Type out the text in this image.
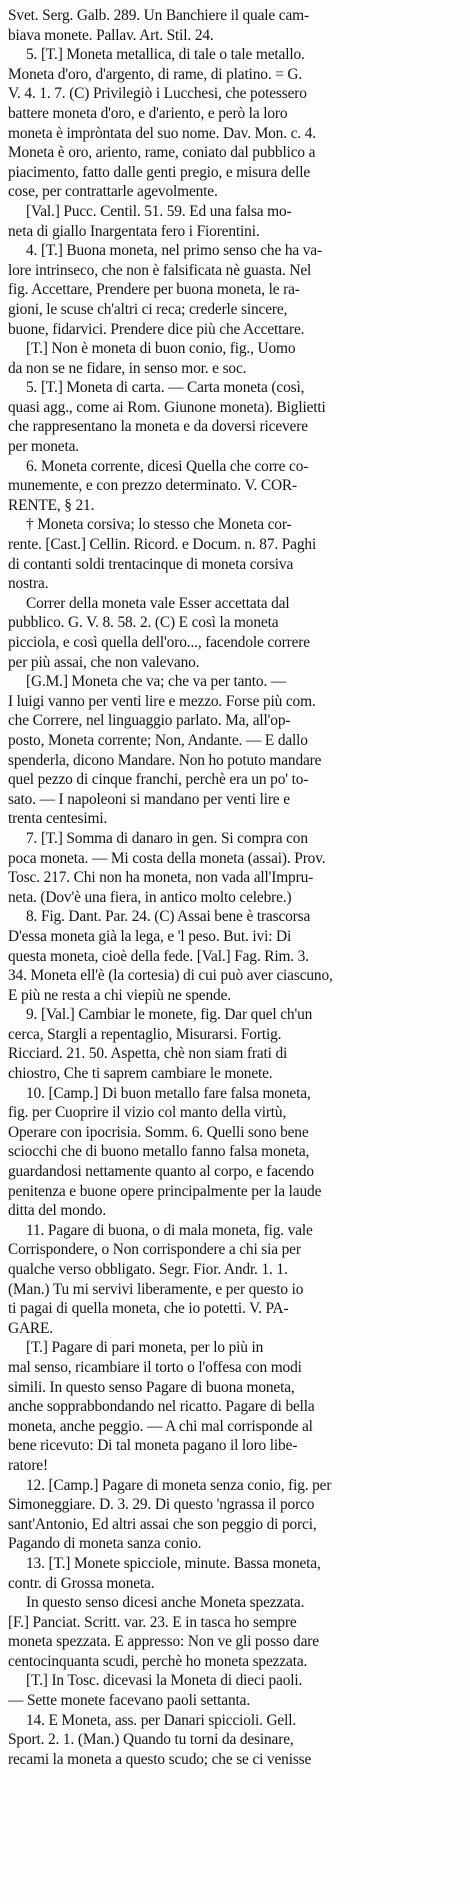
Svet. Serg. Galb. 289. Un Banchiere il quale cam-
biava monete. Pallav. Art. Stil. 24.
5. [T.] Moneta metallica, di tale o tale metallo.
Moneta d'oro, d'argento, di rame, di platino. = G.
V. 4. 1. 7. (C) Privilegiò i Lucchesi, che potessero
battere moneta d'oro, e d'ariento, e però la loro
moneta è impròntata del suo nome. Dav. Mon. c. 4.
Moneta è oro, ariento, rame, coniato dal pubblico a
piacimento, fatto dalle genti pregio, e misura delle
cose, per contrattarle agevolmente.
[Val.] Pucc. Centil. 51. 59. Ed una falsa mo-
neta di giallo Inargentata fero i Fiorentini.
4. [T.] Buona moneta, nel primo senso che ha va-
lore intrinseco, che non è falsificata nè guasta. Nel
fig. Accettare, Prendere per buona moneta, le ra-
gioni, le scuse ch'altri ci reca; crederle sincere,
buone, fidarvici. Prendere dice più che Accettare.
[T.] Non è moneta di buon conio, fig., Uomo
da non se ne fidare, in senso mor. e soc.
5. [T.] Moneta di carta. — Carta moneta (così,
quasi agg., come ai Rom. Giunone moneta). Biglietti
che rappresentano la moneta e da doversi ricevere
per moneta.
6. Moneta corrente, dicesi Quella che corre co-
munemente, e con prezzo determinato. V. COR-
RENTE, § 21.
† Moneta corsiva; lo stesso che Moneta cor-
rente. [Cast.] Cellin. Ricord. e Docum. n. 87. Paghi
di contanti soldi trentacinque di moneta corsiva
nostra.
Correr della moneta vale Esser accettata dal
pubblico. G. V. 8. 58. 2. (C) E così la moneta
picciola, e così quella dell'oro..., facendole correre
per più assai, che non valevano.
[G.M.] Moneta che va; che va per tanto. —
I luigi vanno per venti lire e mezzo. Forse più com.
che Correre, nel linguaggio parlato. Ma, all'op-
posto, Moneta corrente; Non, Andante. — E dallo
spenderla, dicono Mandare. Non ho potuto mandare
quel pezzo di cinque franchi, perchè era un po' to-
sato. — I napoleoni si mandano per venti lire e
trenta centesimi.
7. [T.] Somma di danaro in gen. Si compra con
poca moneta. — Mi costa della moneta (assai). Prov.
Tosc. 217. Chi non ha moneta, non vada all'Impru-
neta. (Dov'è una fiera, in antico molto celebre.)
8. Fig. Dant. Par. 24. (C) Assai bene è trascorsa
D'essa moneta già la lega, e 'l peso. But. ivi: Di
questa moneta, cioè della fede. [Val.] Fag. Rim. 3.
34. Moneta ell'è (la cortesia) di cui può aver ciascuno,
E più ne resta a chi viepiù ne spende.
9. [Val.] Cambiar le monete, fig. Dar quel ch'un
cerca, Stargli a repentaglio, Misurarsi. Fortig.
Ricciard. 21. 50. Aspetta, chè non siam frati di
chiostro, Che ti saprem cambiare le monete.
10. [Camp.] Di buon metallo fare falsa moneta,
fig. per Cuoprire il vizio col manto della virtù,
Operare con ipocrisia. Somm. 6. Quelli sono bene
sciocchi che di buono metallo fanno falsa moneta,
guardandosi nettamente quanto al corpo, e facendo
penitenza e buone opere principalmente per la laude
ditta del mondo.
11. Pagare di buona, o di mala moneta, fig. vale
Corrispondere, o Non corrispondere a chi sia per
qualche verso obbligato. Segr. Fior. Andr. 1. 1.
(Man.) Tu mi servivi liberamente, e per questo io
ti pagai di quella moneta, che io potetti. V. PA-
GARE.
[T.] Pagare di pari moneta, per lo più in
mal senso, ricambiare il torto o l'offesa con modi
simili. In questo senso Pagare di buona moneta,
anche sopprabbondando nel ricatto. Pagare di bella
moneta, anche peggio. — A chi mal corrisponde al
bene ricevuto: Di tal moneta pagano il loro libe-
ratore!
12. [Camp.] Pagare di moneta senza conio, fig. per
Simoneggiare. D. 3. 29. Di questo 'ngrassa il porco
sant'Antonio, Ed altri assai che son peggio di porci,
Pagando di moneta sanza conio.
13. [T.] Monete spicciole, minute. Bassa moneta,
contr. di Grossa moneta.
In questo senso dicesi anche Moneta spezzata.
[F.] Panciat. Scritt. var. 23. E in tasca ho sempre
moneta spezzata. E appresso: Non ve gli posso dare
centocinquanta scudi, perchè ho moneta spezzata.
[T.] In Tosc. dicevasi la Moneta di dieci paoli.
— Sette monete facevano paoli settanta.
14. E Moneta, ass. per Danari spiccioli. Gell.
Sport. 2. 1. (Man.) Quando tu torni da desinare,
recami la moneta a questo scudo; che se ci venisse
